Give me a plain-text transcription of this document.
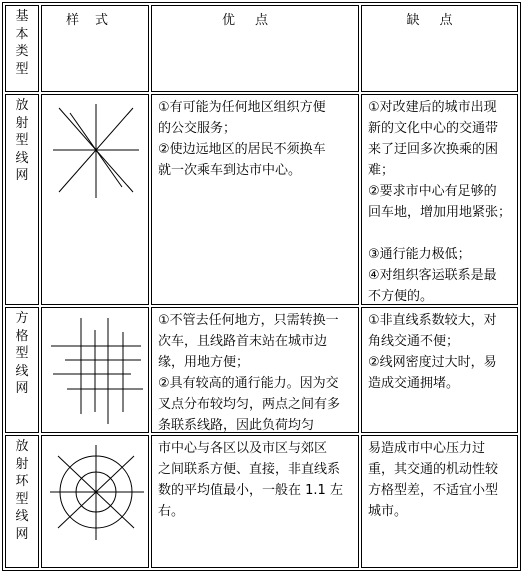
基
本
类
型
样式	优点	缺点
放
射
型
线
网

①有可能为任何地区组织方便

的公交服务；

②使边远地区的居民不须换车

就一次乘车到达市中心。

①对改建后的城市出现

新的文化中心的交通带

来了迂回多次换乘的困

难；

②要求市中心有足够的

回车地，增加用地紧张；

③通行能力极低；

④对组织客运联系是最

不方便的。

方
格
型
线
网

①不管去任何地方，只需转换一

次车，且线路首末站在城市边

缘，用地方便；

②具有较高的通行能力。因为交

叉点分布较均匀，两点之间有多

条联系线路，因此负荷均匀

①非直线系数较大，对

角线交通不便；

②线网密度过大时，易

造成交通拥堵。

放
射
环
型
线
网

市中心与各区以及市区与郊区

之间联系方便、直接，非直线系

数的平均值最小，一般在 1.1 左

右。

易造成市中心压力过

重，其交通的机动性较

方格型差，不适宜小型

城市。
